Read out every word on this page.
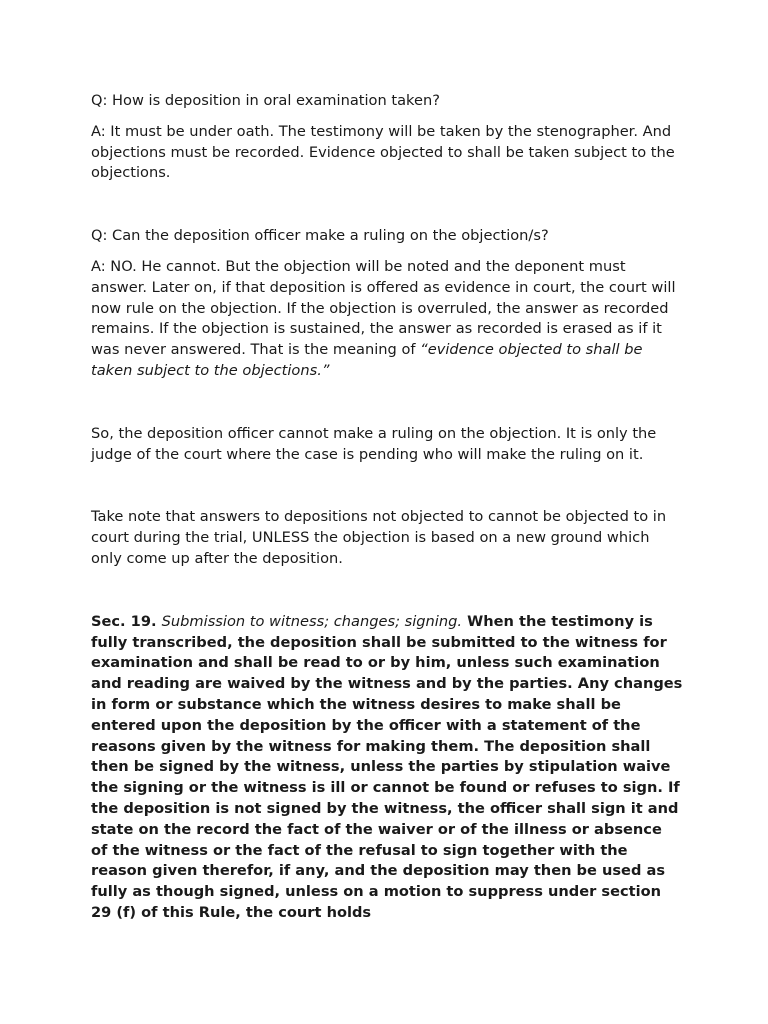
Q: How is deposition in oral examination taken?

A: It must be under oath. The testimony will be taken by the stenographer. And objections must be recorded. Evidence objected to shall be taken subject to the objections.

Q: Can the deposition officer make a ruling on the objection/s?

A: NO. He cannot. But the objection will be noted and the deponent must answer. Later on, if that deposition is offered as evidence in court, the court will now rule on the objection. If the objection is overruled, the answer as recorded remains. If the objection is sustained, the answer as recorded is erased as if it was never answered. That is the meaning of “evidence objected to shall be taken subject to the objections.”

So, the deposition officer cannot make a ruling on the objection. It is only the judge of the court where the case is pending who will make the ruling on it.

Take note that answers to depositions not objected to cannot be objected to in court during the trial, UNLESS the objection is based on a new ground which only come up after the deposition.

Sec. 19. Submission to witness; changes; signing. When the testimony is fully transcribed, the deposition shall be submitted to the witness for examination and shall be read to or by him, unless such examination and reading are waived by the witness and by the parties. Any changes in form or substance which the witness desires to make shall be entered upon the deposition by the officer with a statement of the reasons given by the witness for making them. The deposition shall then be signed by the witness, unless the parties by stipulation waive the signing or the witness is ill or cannot be found or refuses to sign. If the deposition is not signed by the witness, the officer shall sign it and state on the record the fact of the waiver or of the illness or absence of the witness or the fact of the refusal to sign together with the reason given therefor, if any, and the deposition may then be used as fully as though signed, unless on a motion to suppress under section 29 (f) of this Rule, the court holds
